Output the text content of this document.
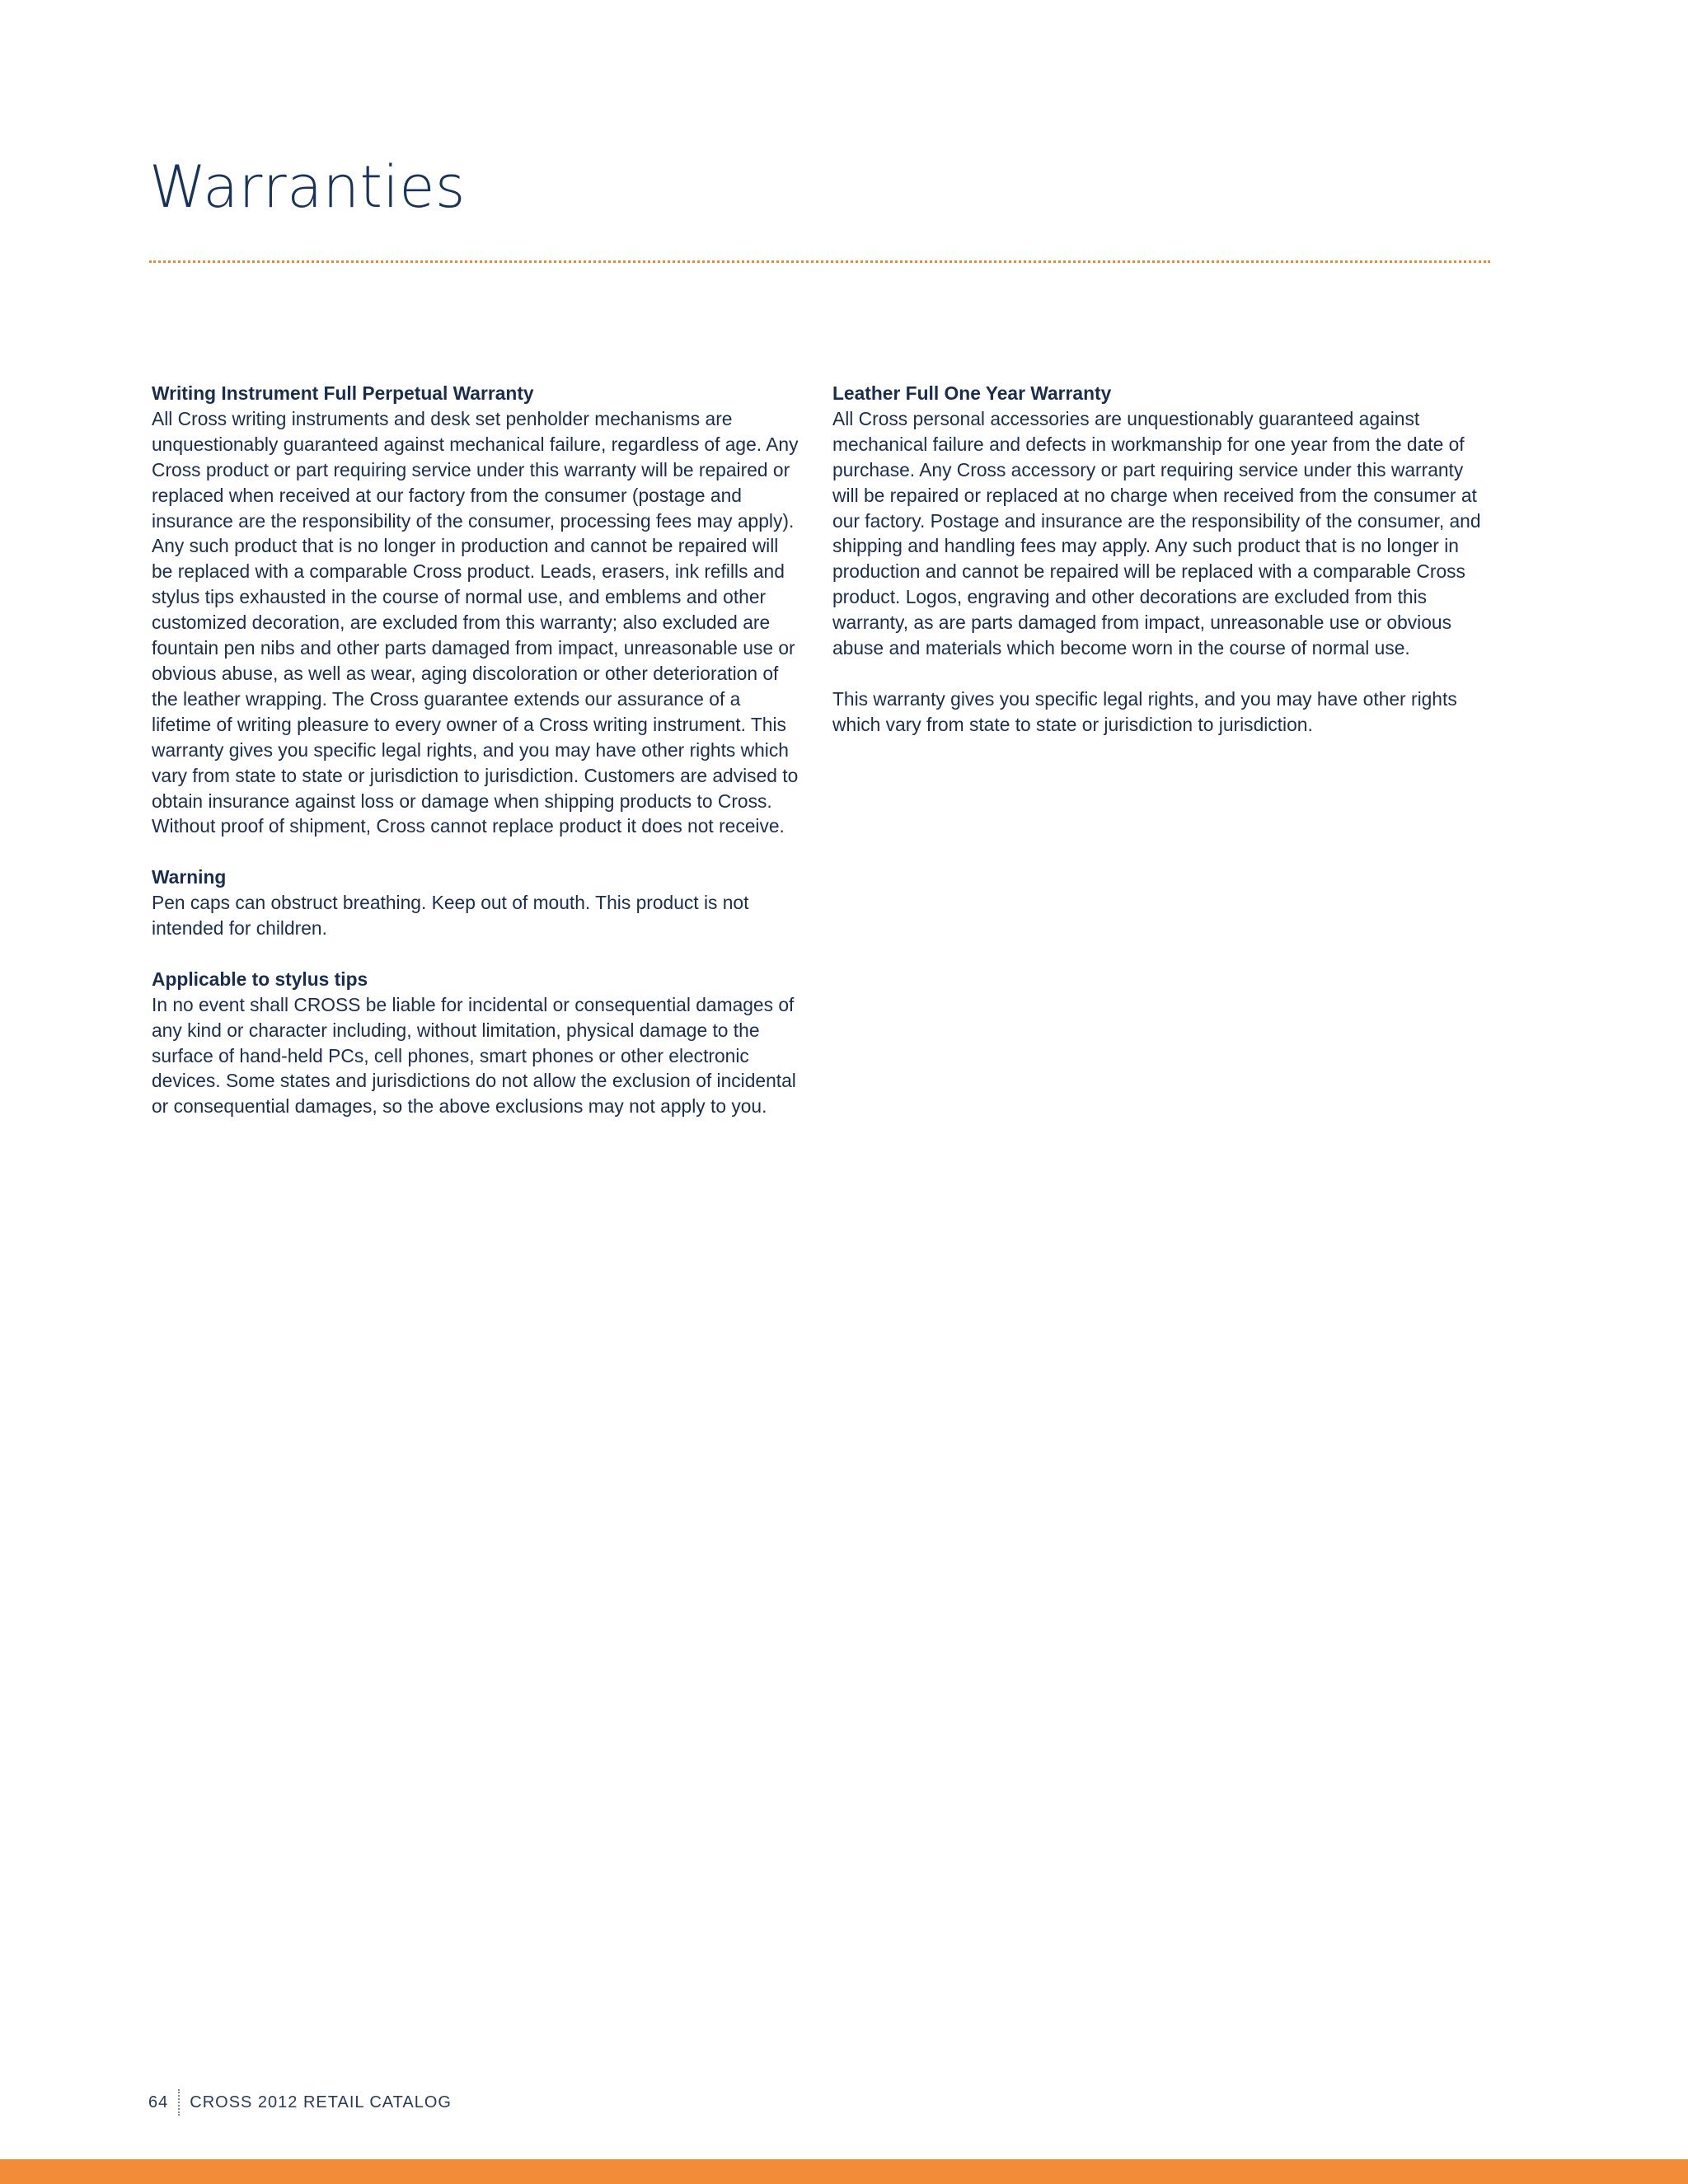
Warranties
Writing Instrument Full Perpetual Warranty

All Cross writing instruments and desk set penholder mechanisms are unquestionably guaranteed against mechanical failure, regardless of age. Any Cross product or part requiring service under this warranty will be repaired or replaced when received at our factory from the consumer (postage and insurance are the responsibility of the consumer, processing fees may apply). Any such product that is no longer in production and cannot be repaired will be replaced with a comparable Cross product. Leads, erasers, ink refills and stylus tips exhausted in the course of normal use, and emblems and other customized decoration, are excluded from this warranty; also excluded are fountain pen nibs and other parts damaged from impact, unreasonable use or obvious abuse, as well as wear, aging discoloration or other deterioration of the leather wrapping. The Cross guarantee extends our assurance of a lifetime of writing pleasure to every owner of a Cross writing instrument. This warranty gives you specific legal rights, and you may have other rights which vary from state to state or jurisdiction to jurisdiction. Customers are advised to obtain insurance against loss or damage when shipping products to Cross. Without proof of shipment, Cross cannot replace product it does not receive.

Warning

Pen caps can obstruct breathing. Keep out of mouth. This product is not intended for children.

Applicable to stylus tips

In no event shall CROSS be liable for incidental or consequential damages of any kind or character including, without limitation, physical damage to the surface of hand-held PCs, cell phones, smart phones or other electronic devices. Some states and jurisdictions do not allow the exclusion of incidental or consequential damages, so the above exclusions may not apply to you.

Leather Full One Year Warranty

All Cross personal accessories are unquestionably guaranteed against mechanical failure and defects in workmanship for one year from the date of purchase. Any Cross accessory or part requiring service under this warranty will be repaired or replaced at no charge when received from the consumer at our factory. Postage and insurance are the responsibility of the consumer, and shipping and handling fees may apply. Any such product that is no longer in production and cannot be repaired will be replaced with a comparable Cross product. Logos, engraving and other decorations are excluded from this warranty, as are parts damaged from impact, unreasonable use or obvious abuse and materials which become worn in the course of normal use.

This warranty gives you specific legal rights, and you may have other rights which vary from state to state or jurisdiction to jurisdiction.

64 CROSS 2012 RETAIL CATALOG
